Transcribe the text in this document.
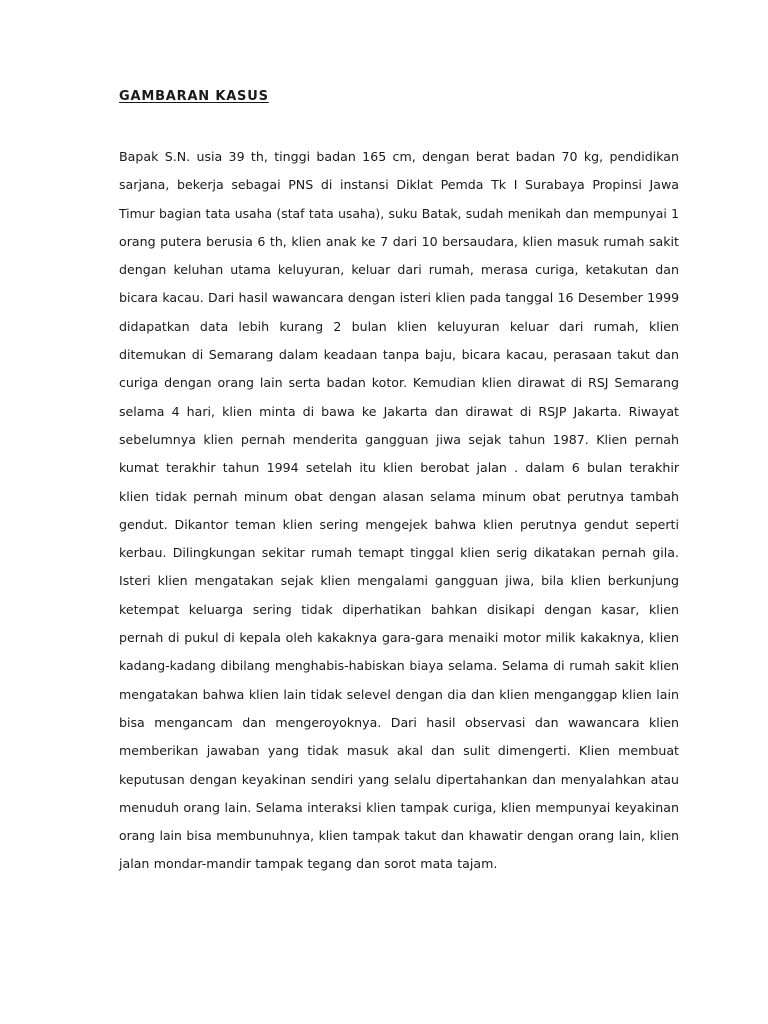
GAMBARAN KASUS
Bapak S.N. usia 39 th, tinggi badan 165 cm, dengan berat badan 70 kg, pendidikan
sarjana, bekerja sebagai PNS di instansi Diklat Pemda Tk I Surabaya Propinsi Jawa
Timur bagian tata usaha (staf tata usaha), suku Batak, sudah menikah dan mempunyai 1
orang putera berusia 6 th, klien anak ke 7 dari 10 bersaudara, klien masuk rumah sakit
dengan keluhan utama keluyuran, keluar dari rumah, merasa curiga, ketakutan dan
bicara kacau. Dari hasil wawancara dengan isteri klien pada tanggal 16 Desember 1999
didapatkan data lebih kurang 2 bulan klien keluyuran keluar dari rumah, klien
ditemukan di Semarang dalam keadaan tanpa baju, bicara kacau, perasaan takut dan
curiga dengan orang lain serta badan kotor. Kemudian klien dirawat di RSJ Semarang
selama 4 hari, klien minta di bawa ke Jakarta dan dirawat di RSJP Jakarta. Riwayat
sebelumnya klien pernah menderita gangguan jiwa sejak tahun 1987. Klien pernah
kumat terakhir tahun 1994 setelah itu klien berobat jalan . dalam 6 bulan terakhir
klien tidak pernah minum obat dengan alasan selama minum obat perutnya tambah
gendut. Dikantor teman klien sering mengejek bahwa klien perutnya gendut seperti
kerbau. Dilingkungan sekitar rumah temapt tinggal klien serig dikatakan pernah gila.
Isteri klien mengatakan sejak klien mengalami gangguan jiwa, bila klien berkunjung
ketempat keluarga sering tidak diperhatikan bahkan disikapi dengan kasar, klien
pernah di pukul di kepala oleh kakaknya gara-gara menaiki motor milik kakaknya, klien
kadang-kadang dibilang menghabis-habiskan biaya selama. Selama di rumah sakit klien
mengatakan bahwa klien lain tidak selevel dengan dia dan klien menganggap klien lain
bisa mengancam dan mengeroyoknya. Dari hasil observasi dan wawancara klien
memberikan jawaban yang tidak masuk akal dan sulit dimengerti. Klien membuat
keputusan dengan keyakinan sendiri yang selalu dipertahankan dan menyalahkan atau
menuduh orang lain. Selama interaksi klien tampak curiga, klien mempunyai keyakinan
orang lain bisa membunuhnya, klien tampak takut dan khawatir dengan orang lain, klien
jalan mondar-mandir tampak tegang dan sorot mata tajam.
